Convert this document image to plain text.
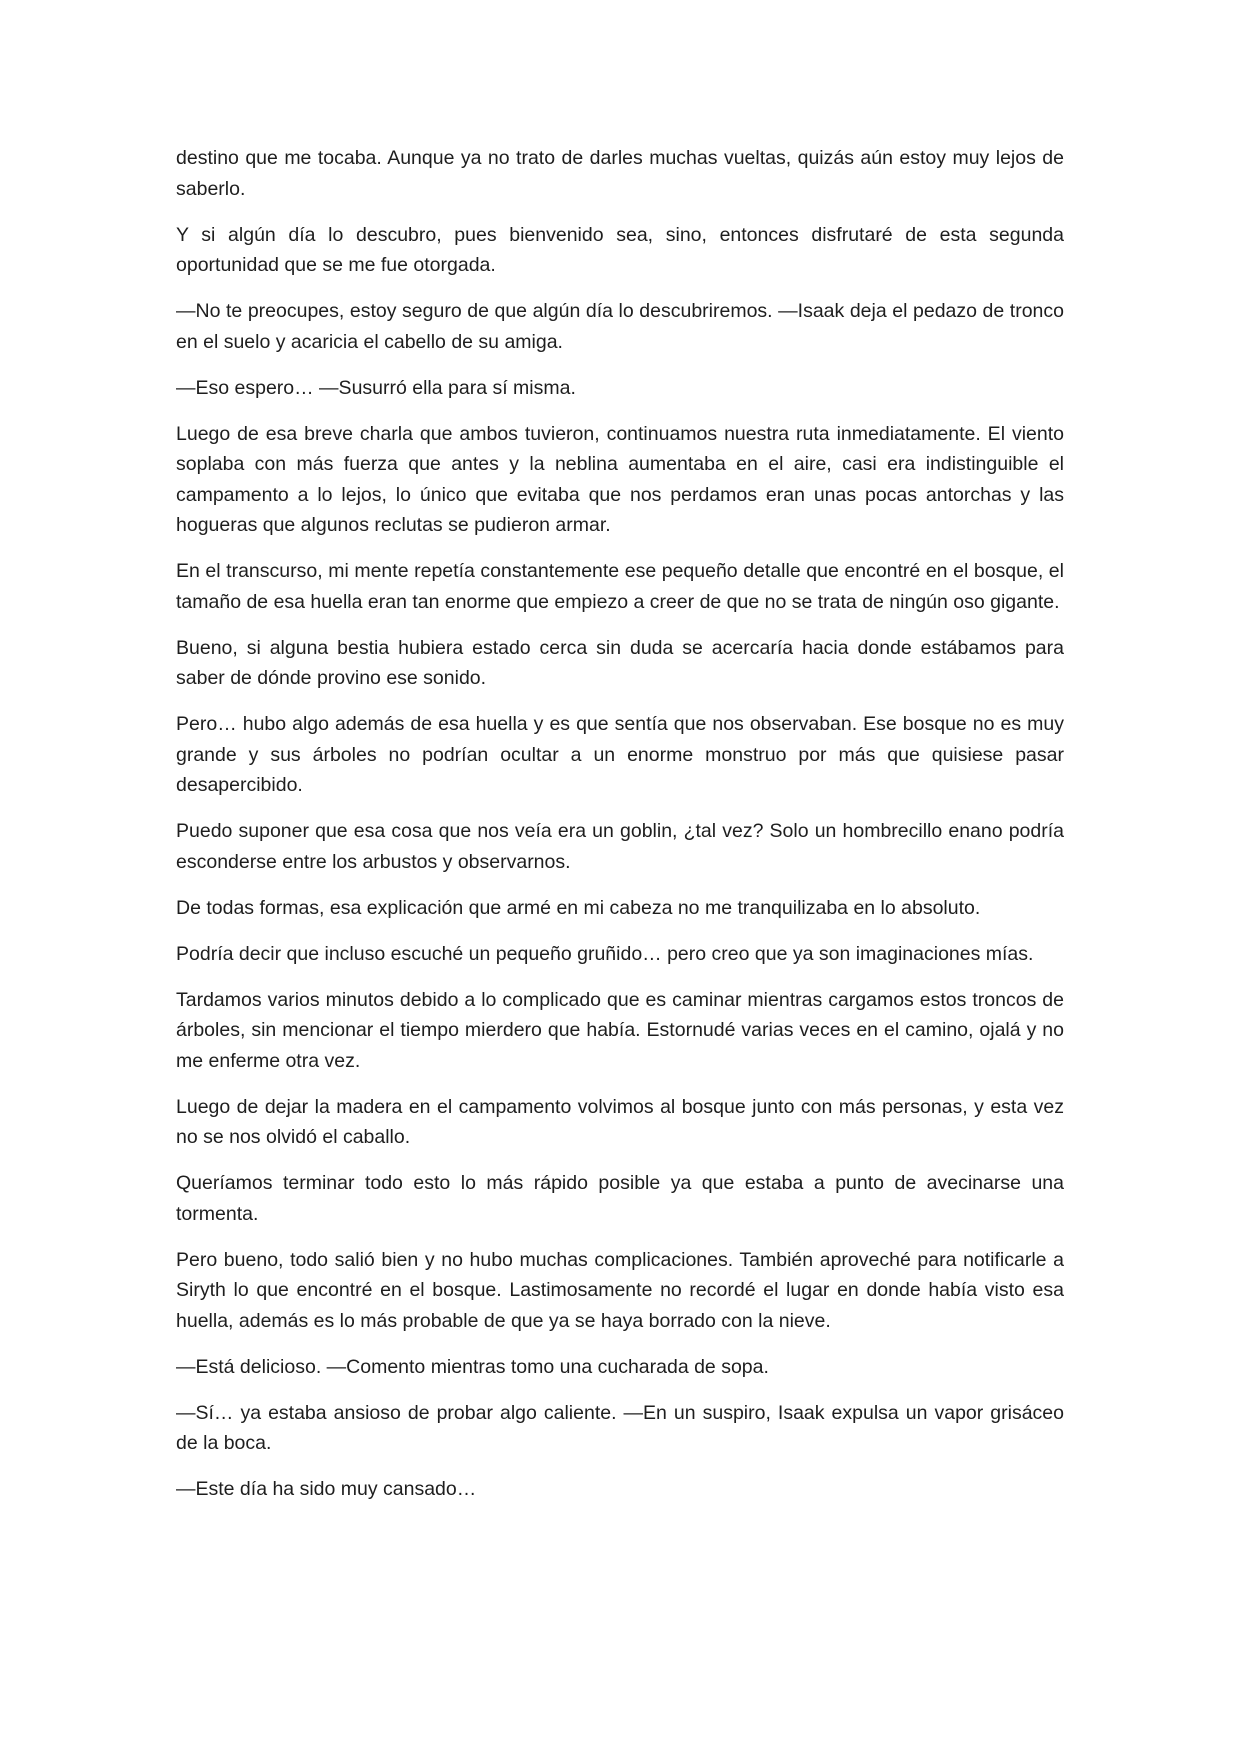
destino que me tocaba. Aunque ya no trato de darles muchas vueltas, quizás aún estoy muy lejos de saberlo.

Y si algún día lo descubro, pues bienvenido sea, sino, entonces disfrutaré de esta segunda oportunidad que se me fue otorgada.

—No te preocupes, estoy seguro de que algún día lo descubriremos. —Isaak deja el pedazo de tronco en el suelo y acaricia el cabello de su amiga.

—Eso espero… —Susurró ella para sí misma.

Luego de esa breve charla que ambos tuvieron, continuamos nuestra ruta inmediatamente. El viento soplaba con más fuerza que antes y la neblina aumentaba en el aire, casi era indistinguible el campamento a lo lejos, lo único que evitaba que nos perdamos eran unas pocas antorchas y las hogueras que algunos reclutas se pudieron armar.

En el transcurso, mi mente repetía constantemente ese pequeño detalle que encontré en el bosque, el tamaño de esa huella eran tan enorme que empiezo a creer de que no se trata de ningún oso gigante.

Bueno, si alguna bestia hubiera estado cerca sin duda se acercaría hacia donde estábamos para saber de dónde provino ese sonido.

Pero… hubo algo además de esa huella y es que sentía que nos observaban. Ese bosque no es muy grande y sus árboles no podrían ocultar a un enorme monstruo por más que quisiese pasar desapercibido.

Puedo suponer que esa cosa que nos veía era un goblin, ¿tal vez? Solo un hombrecillo enano podría esconderse entre los arbustos y observarnos.

De todas formas, esa explicación que armé en mi cabeza no me tranquilizaba en lo absoluto.

Podría decir que incluso escuché un pequeño gruñido… pero creo que ya son imaginaciones mías.

Tardamos varios minutos debido a lo complicado que es caminar mientras cargamos estos troncos de árboles, sin mencionar el tiempo mierdero que había. Estornudé varias veces en el camino, ojalá y no me enferme otra vez.

Luego de dejar la madera en el campamento volvimos al bosque junto con más personas, y esta vez no se nos olvidó el caballo.

Queríamos terminar todo esto lo más rápido posible ya que estaba a punto de avecinarse una tormenta.

Pero bueno, todo salió bien y no hubo muchas complicaciones. También aproveché para notificarle a Siryth lo que encontré en el bosque. Lastimosamente no recordé el lugar en donde había visto esa huella, además es lo más probable de que ya se haya borrado con la nieve.

—Está delicioso. —Comento mientras tomo una cucharada de sopa.

—Sí… ya estaba ansioso de probar algo caliente. —En un suspiro, Isaak expulsa un vapor grisáceo de la boca.

—Este día ha sido muy cansado…
